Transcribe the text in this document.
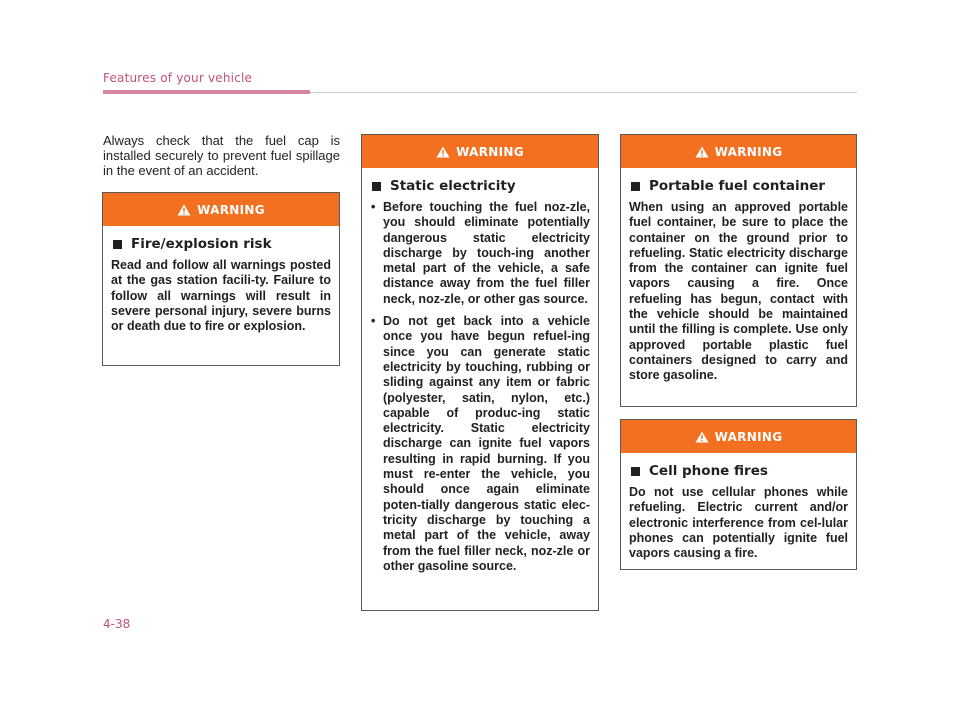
Features of your vehicle

Always check that the fuel cap is installed securely to prevent fuel spillage in the event of an accident.

WARNING
Fire/explosion risk

Read and follow all warnings posted at the gas station facili-ty. Failure to follow all warnings will result in severe personal injury, severe burns or death due to fire or explosion.

WARNING
Static electricity
• Before touching the fuel noz-zle, you should eliminate potentially dangerous static electricity discharge by touch-ing another metal part of the vehicle, a safe distance away from the fuel filler neck, noz-zle, or other gas source.
• Do not get back into a vehicle once you have begun refuel-ing since you can generate static electricity by touching, rubbing or sliding against any item or fabric (polyester, satin, nylon, etc.) capable of produc-ing static electricity. Static electricity discharge can ignite fuel vapors resulting in rapid burning. If you must re-enter the vehicle, you should once again eliminate poten-tially dangerous static elec-tricity discharge by touching a metal part of the vehicle, away from the fuel filler neck, noz-zle or other gasoline source.
WARNING
Portable fuel container

When using an approved portable fuel container, be sure to place the container on the ground prior to refueling. Static electricity discharge from the container can ignite fuel vapors causing a fire. Once refueling has begun, contact with the vehicle should be maintained until the filling is complete. Use only approved portable plastic fuel containers designed to carry and store gasoline.

WARNING
Cell phone fires

Do not use cellular phones while refueling. Electric current and/or electronic interference from cel-lular phones can potentially ignite fuel vapors causing a fire.

4-38
